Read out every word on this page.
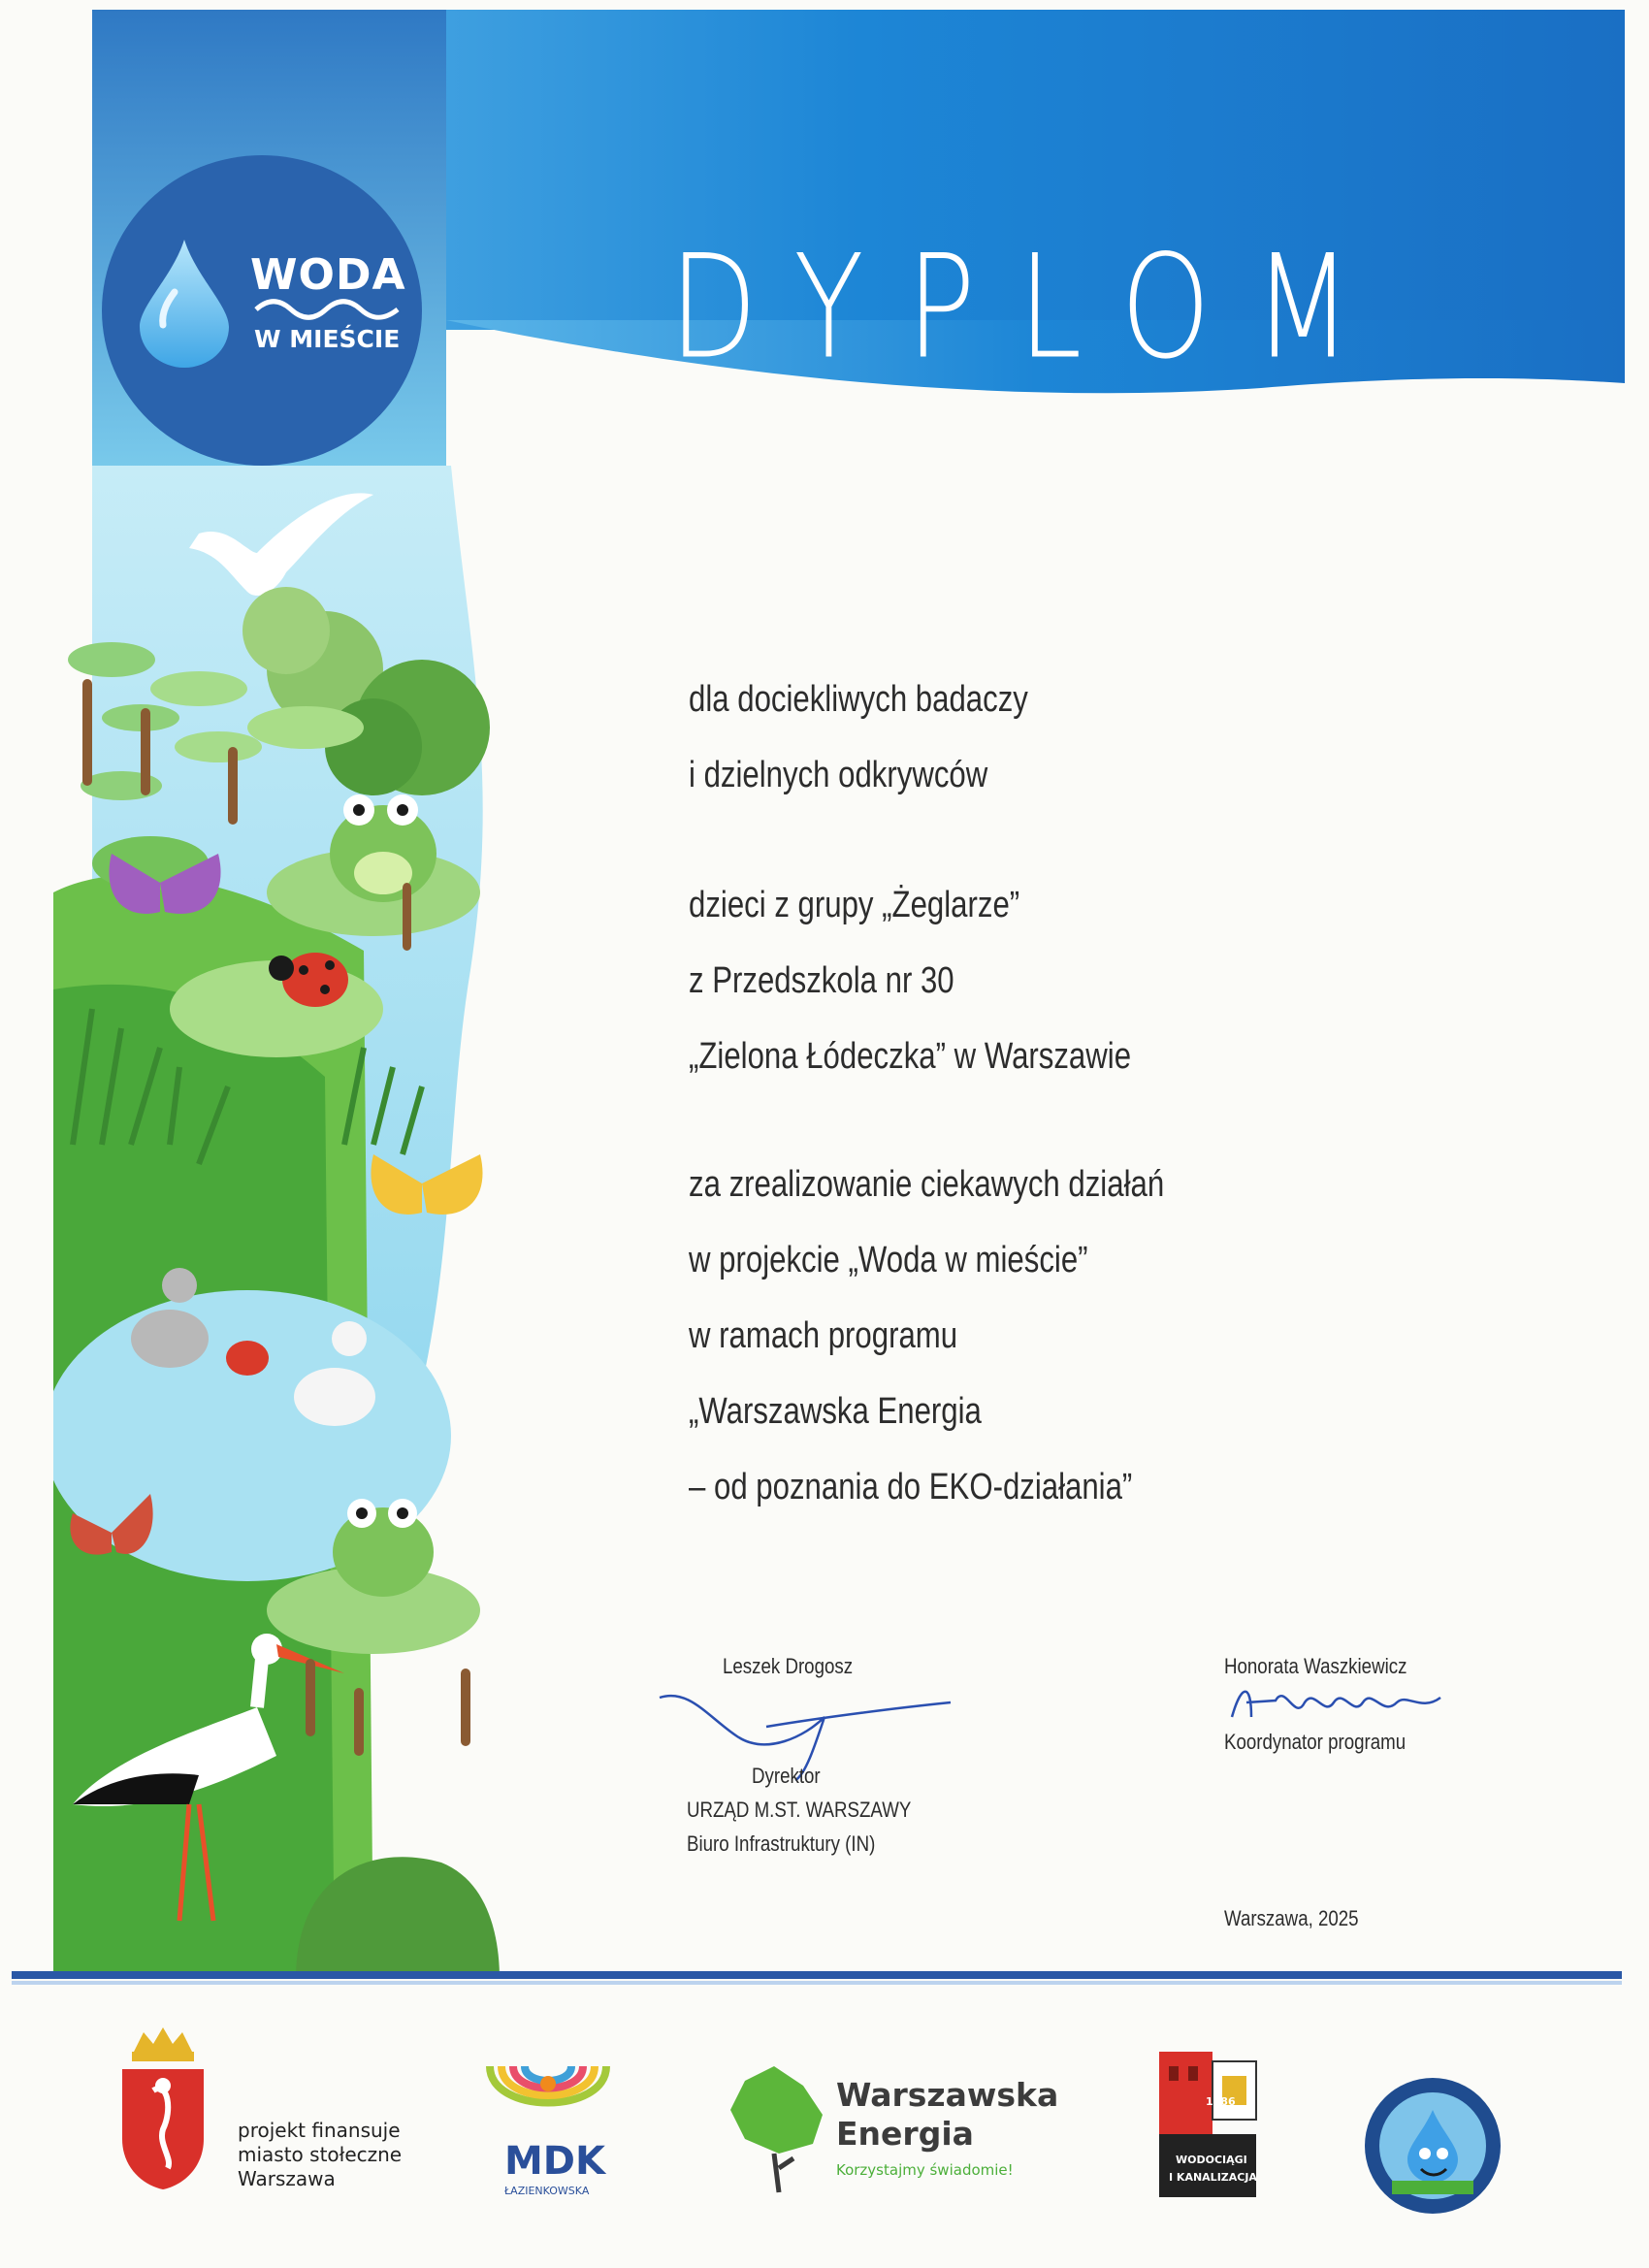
DYPLOM
WODA
W MIEŚCIE
dla dociekliwych badaczy
i dzielnych odkrywców
dzieci z grupy „Żeglarze”
z Przedszkola nr 30
„Zielona Łódeczka” w Warszawie
za zrealizowanie ciekawych działań
w projekcie „Woda w mieście”
w ramach programu
„Warszawska Energia
– od poznania do EKO-działania”
Leszek Drogosz
Dyrektor
URZĄD M.ST. WARSZAWY
Biuro Infrastruktury (IN)
Honorata Waszkiewicz
Koordynator programu
Warszawa, 2025
projekt finansuje
miasto stołeczne
Warszawa	MDK
ŁAZIENKOWSKA
Warszawska
Energia
Korzystajmy świadomie!
1886
WODOCIĄGI
I KANALIZACJA
